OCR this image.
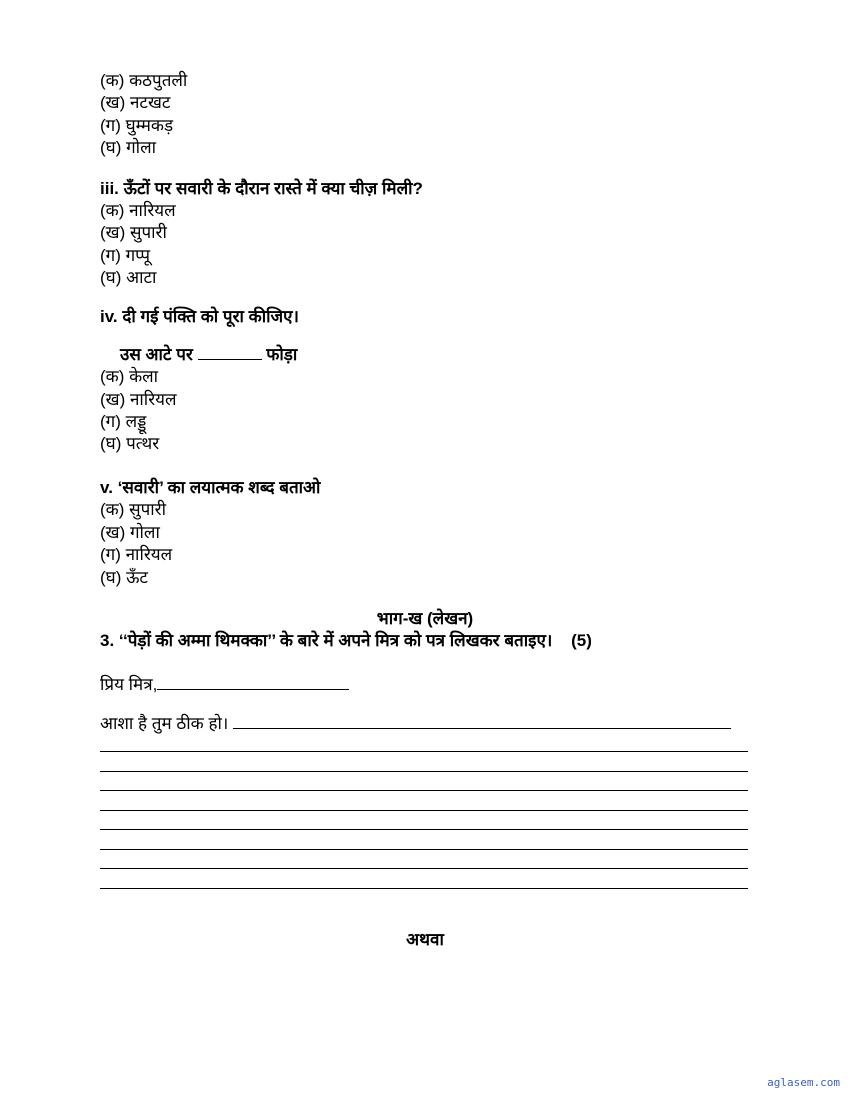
(क) कठपुतली
(ख) नटखट
(ग) घुम्मकड़
(घ) गोला
iii. ऊँटों पर सवारी के दौरान रास्ते में क्या चीज़ मिली?
(क) नारियल
(ख) सुपारी
(ग) गप्पू
(घ) आटा
iv. दी गई पंक्ति को पूरा कीजिए।
उस आटे पर	फोड़ा
(क) केला
(ख) नारियल
(ग) लड्डू
(घ) पत्थर
v. ‘सवारी’ का लयात्मक शब्द बताओ
(क) सुपारी
(ख) गोला
(ग) नारियल
(घ) ऊँट
भाग-ख (लेखन)
3. ‘‘पेड़ों की अम्मा थिमक्का’’ के बारे में अपने मित्र को पत्र लिखकर बताइए। (5)
प्रिय मित्र,
आशा है तुम ठीक हो।
अथवा
aglasem.com
